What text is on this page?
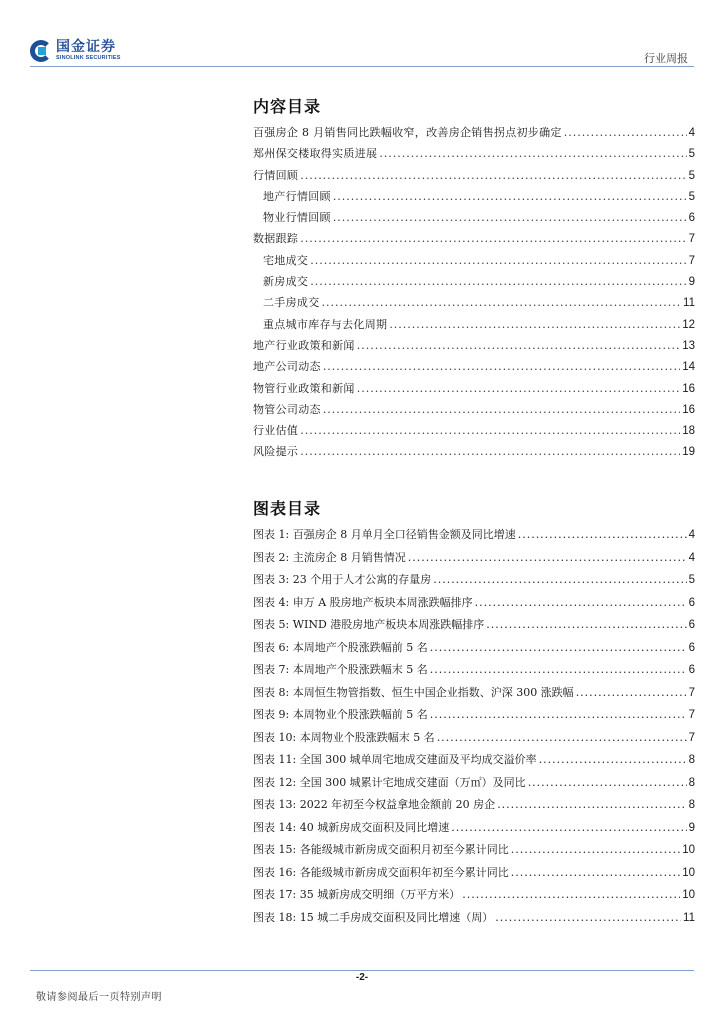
国金证券
SINOLINK SECURITIES	行业周报
内容目录
百强房企 8 月销售同比跌幅收窄，改善房企销售拐点初步确定 .....	4
郑州保交楼取得实质进展 .....	5
行情回顾 .....	5
地产行情回顾 .....	5
物业行情回顾 .....	6
数据跟踪 .....	7
宅地成交 .....	7
新房成交 .....	9
二手房成交 .....	11
重点城市库存与去化周期 .....	12
地产行业政策和新闻 .....	13
地产公司动态 .....	14
物管行业政策和新闻 .....	16
物管公司动态 .....	16
行业估值 .....	18
风险提示 .....	19
图表目录
图表 1: 百强房企 8 月单月全口径销售金额及同比增速 .....	4
图表 2: 主流房企 8 月销售情况 .....	4
图表 3: 23 个用于人才公寓的存量房 .....	5
图表 4: 申万 A 股房地产板块本周涨跌幅排序 .....	6
图表 5: WIND 港股房地产板块本周涨跌幅排序 .....	6
图表 6: 本周地产个股涨跌幅前 5 名 .....	6
图表 7: 本周地产个股涨跌幅末 5 名 .....	6
图表 8: 本周恒生物管指数、恒生中国企业指数、沪深 300 涨跌幅 .....	7
图表 9: 本周物业个股涨跌幅前 5 名 .....	7
图表 10: 本周物业个股涨跌幅末 5 名 .....	7
图表 11: 全国 300 城单周宅地成交建面及平均成交溢价率 .....	8
图表 12: 全国 300 城累计宅地成交建面（万㎡）及同比 .....	8
图表 13: 2022 年初至今权益拿地金额前 20 房企 .....	8
图表 14: 40 城新房成交面积及同比增速 .....	9
图表 15: 各能级城市新房成交面积月初至今累计同比 .....	10
图表 16: 各能级城市新房成交面积年初至今累计同比 .....	10
图表 17: 35 城新房成交明细（万平方米） .....	10
图表 18: 15 城二手房成交面积及同比增速（周） .....	11
-2-
敬请参阅最后一页特别声明
